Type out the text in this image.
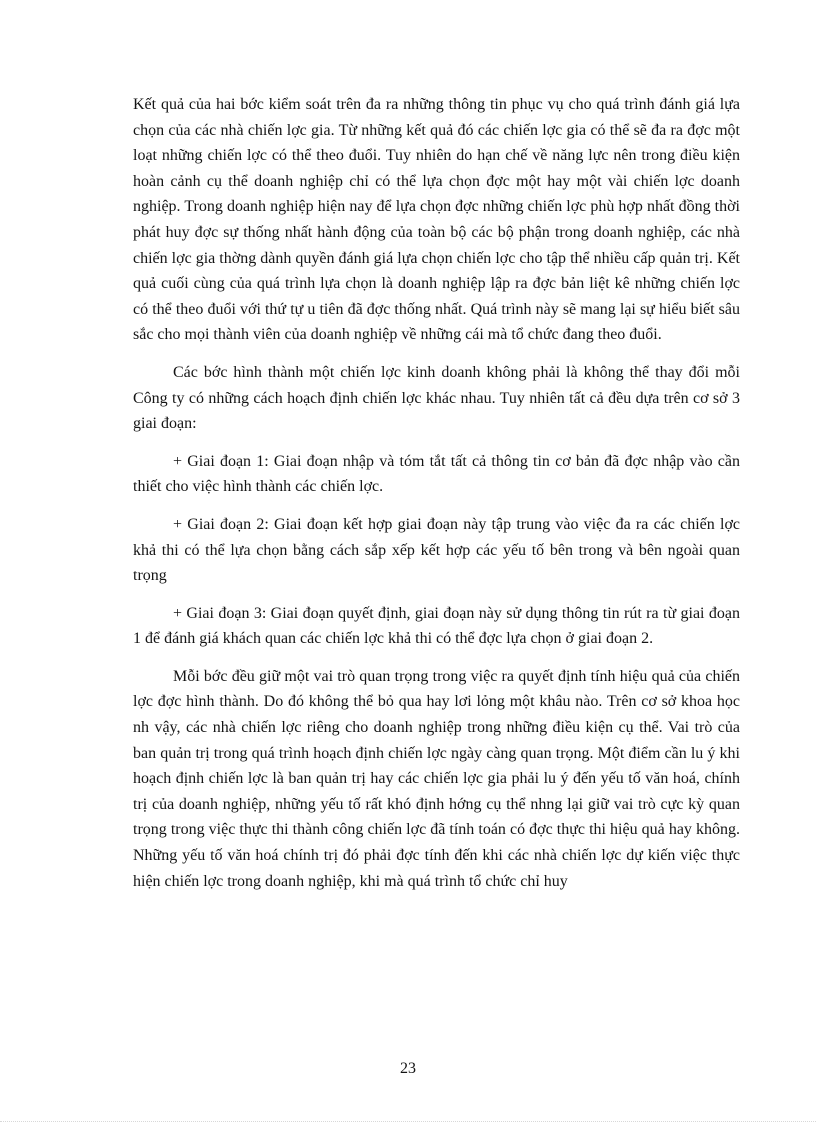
Kết quả của hai bớc kiểm soát trên đa ra những thông tin phục vụ cho quá trình đánh giá lựa chọn của các nhà chiến lợc gia. Từ những kết quả đó các chiến lợc gia có thể sẽ đa ra đợc một loạt những chiến lợc có thể theo đuổi. Tuy nhiên do hạn chế về năng lực nên trong điều kiện hoàn cảnh cụ thể doanh nghiệp chỉ có thể lựa chọn đợc một hay một vài chiến lợc doanh nghiệp. Trong doanh nghiệp hiện nay để lựa chọn đợc những chiến lợc phù hợp nhất đồng thời phát huy đợc sự thống nhất hành động của toàn bộ các bộ phận trong doanh nghiệp, các nhà chiến lợc gia thờng dành quyền đánh giá lựa chọn chiến lợc cho tập thể nhiều cấp quản trị. Kết quả cuối cùng của quá trình lựa chọn là doanh nghiệp lập ra đợc bản liệt kê những chiến lợc có thể theo đuổi với thứ tự u tiên đã đợc thống nhất. Quá trình này sẽ mang lại sự hiểu biết sâu sắc cho mọi thành viên của doanh nghiệp về những cái mà tổ chức đang theo đuổi.

Các bớc hình thành một chiến lợc kinh doanh không phải là không thể thay đổi mỗi Công ty có những cách hoạch định chiến lợc khác nhau. Tuy nhiên tất cả đều dựa trên cơ sở 3 giai đoạn:

+ Giai đoạn 1: Giai đoạn nhập và tóm tắt tất cả thông tin cơ bản đã đợc nhập vào cần thiết cho việc hình thành các chiến lợc.

+ Giai đoạn 2: Giai đoạn kết hợp giai đoạn này tập trung vào việc đa ra các chiến lợc khả thi có thể lựa chọn bằng cách sắp xếp kết hợp các yếu tố bên trong và bên ngoài quan trọng

+ Giai đoạn 3: Giai đoạn quyết định, giai đoạn này sử dụng thông tin rút ra từ giai đoạn 1 để đánh giá khách quan các chiến lợc khả thi có thể đợc lựa chọn ở giai đoạn 2.

Mỗi bớc đều giữ một vai trò quan trọng trong việc ra quyết định tính hiệu quả của chiến lợc đợc hình thành. Do đó không thể bỏ qua hay lơi lỏng một khâu nào. Trên cơ sở khoa học nh vậy, các nhà chiến lợc riêng cho doanh nghiệp trong những điều kiện cụ thể. Vai trò của ban quản trị trong quá trình hoạch định chiến lợc ngày càng quan trọng. Một điểm cần lu ý khi hoạch định chiến lợc là ban quản trị hay các chiến lợc gia phải lu ý đến yếu tố văn hoá, chính trị của doanh nghiệp, những yếu tố rất khó định hớng cụ thể nhng lại giữ vai trò cực kỳ quan trọng trong việc thực thi thành công chiến lợc đã tính toán có đợc thực thi hiệu quả hay không. Những yếu tố văn hoá chính trị đó phải đợc tính đến khi các nhà chiến lợc dự kiến việc thực hiện chiến lợc trong doanh nghiệp, khi mà quá trình tổ chức chỉ huy

23
